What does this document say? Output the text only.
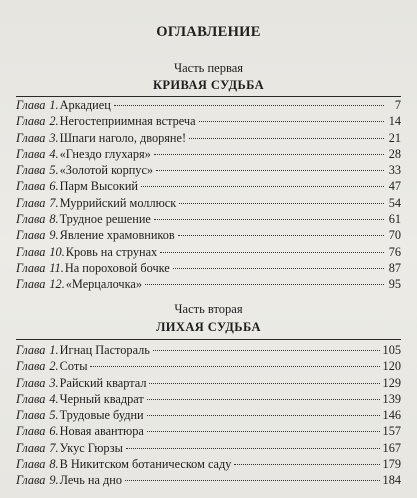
ОГЛАВЛЕНИЕ
Часть первая
КРИВАЯ СУДЬБА
Глава 1. Аркадиец	7
Глава 2. Негостеприимная встреча	14
Глава 3. Шпаги наголо, дворяне!	21
Глава 4. «Гнездо глухаря»	28
Глава 5. «Золотой корпус»	33
Глава 6. Парм Высокий	47
Глава 7. Муррийский моллюск	54
Глава 8. Трудное решение	61
Глава 9. Явление храмовников	70
Глава 10. Кровь на струнах	76
Глава 11. На пороховой бочке	87
Глава 12. «Мерцалочка»	95
Часть вторая
ЛИХАЯ СУДЬБА
Глава 1. Игнац Пастораль	105
Глава 2. Соты	120
Глава 3. Райский квартал	129
Глава 4. Черный квадрат	139
Глава 5. Трудовые будни	146
Глава 6. Новая авантюра	157
Глава 7. Укус Гюрзы	167
Глава 8. В Никитском ботаническом саду	179
Глава 9. Лечь на дно	184
